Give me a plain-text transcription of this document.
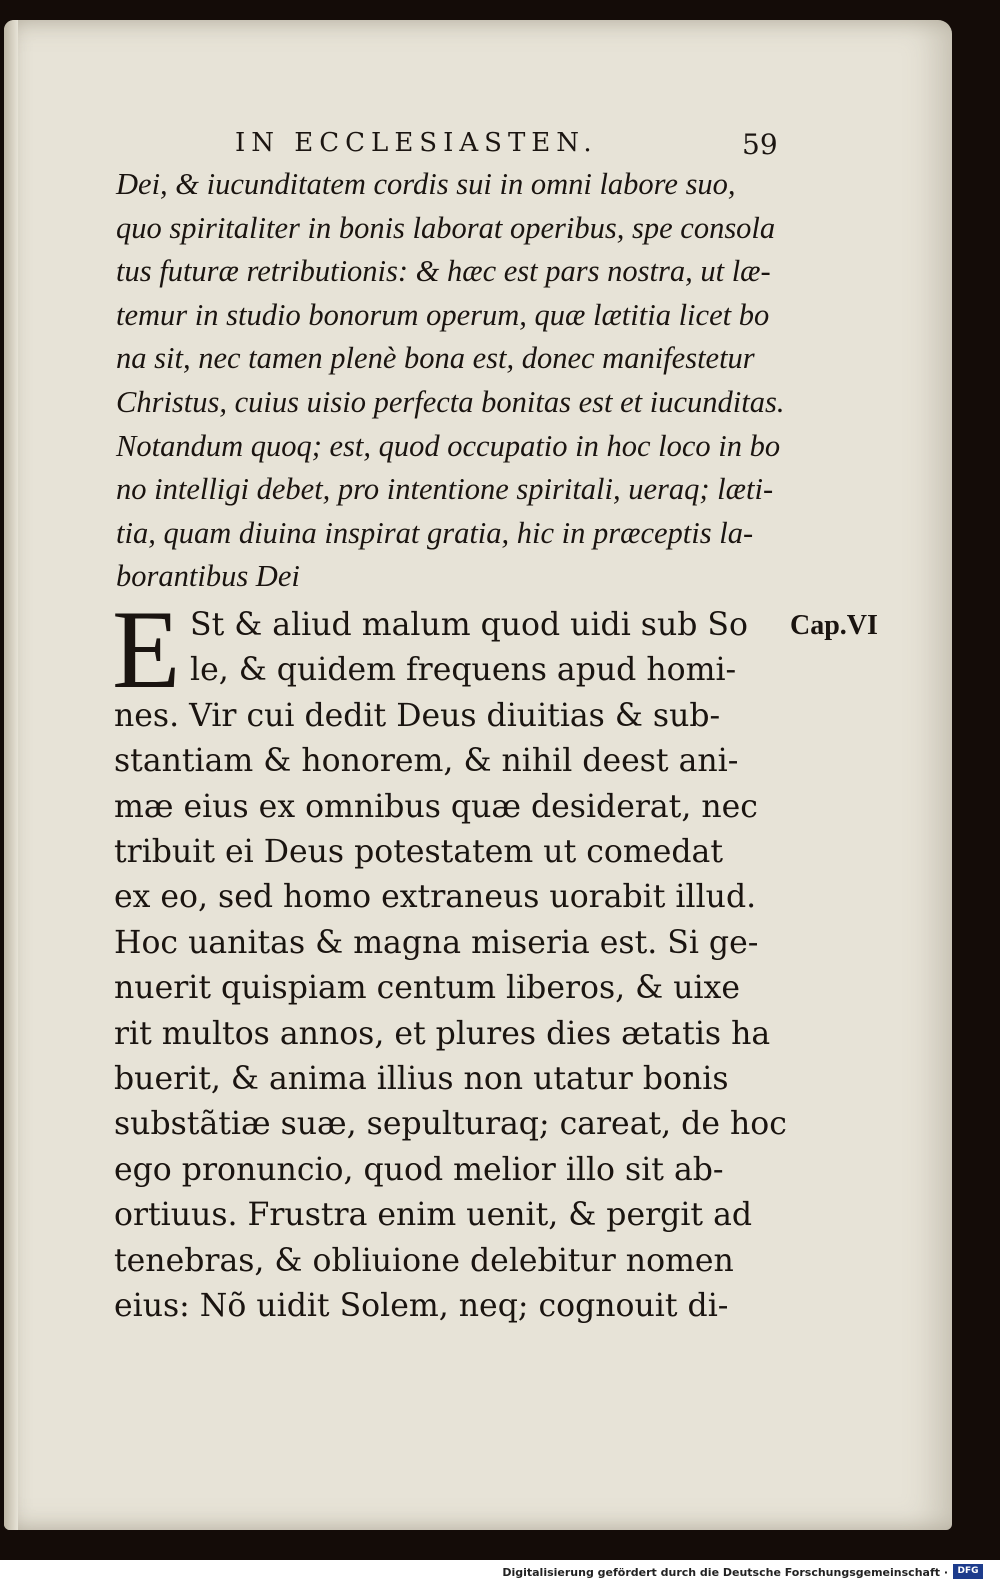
IN ECCLESIASTEN.	59
Dei, & iucunditatem cordis sui in omni labore suo,
quo spiritaliter in bonis laborat operibus, spe consola
tus futuræ retributionis: & hæc est pars nostra, ut læ-
temur in studio bonorum operum, quæ lætitia licet bo
na sit, nec tamen plenè bona est, donec manifestetur
Christus, cuius uisio perfecta bonitas est et iucunditas.
Notandum quoq; est, quod occupatio in hoc loco in bo
no intelligi debet, pro intentione spiritali, ueraq; læti-
tia, quam diuina inspirat gratia, hic in præceptis la-
borantibus Dei
E St & aliud malum quod uidi sub So
le, & quidem frequens apud homi-
nes. Vir cui dedit Deus diuitias & sub-
stantiam & honorem, & nihil deest ani-
mæ eius ex omnibus quæ desiderat, nec
tribuit ei Deus potestatem ut comedat
ex eo, sed homo extraneus uorabit illud.
Hoc uanitas & magna miseria est. Si ge-
nuerit quispiam centum liberos, & uixe
rit multos annos, et plures dies ætatis ha
buerit, & anima illius non utatur bonis
substãtiæ suæ, sepulturaq; careat, de hoc
ego pronuncio, quod melior illo sit ab-
ortiuus. Frustra enim uenit, & pergit ad
tenebras, & obliuione delebitur nomen
eius: Nõ uidit Solem, neq; cognouit di-
Cap.VI
Digitalisierung gefördert durch die Deutsche Forschungsgemeinschaft ·	DFG
